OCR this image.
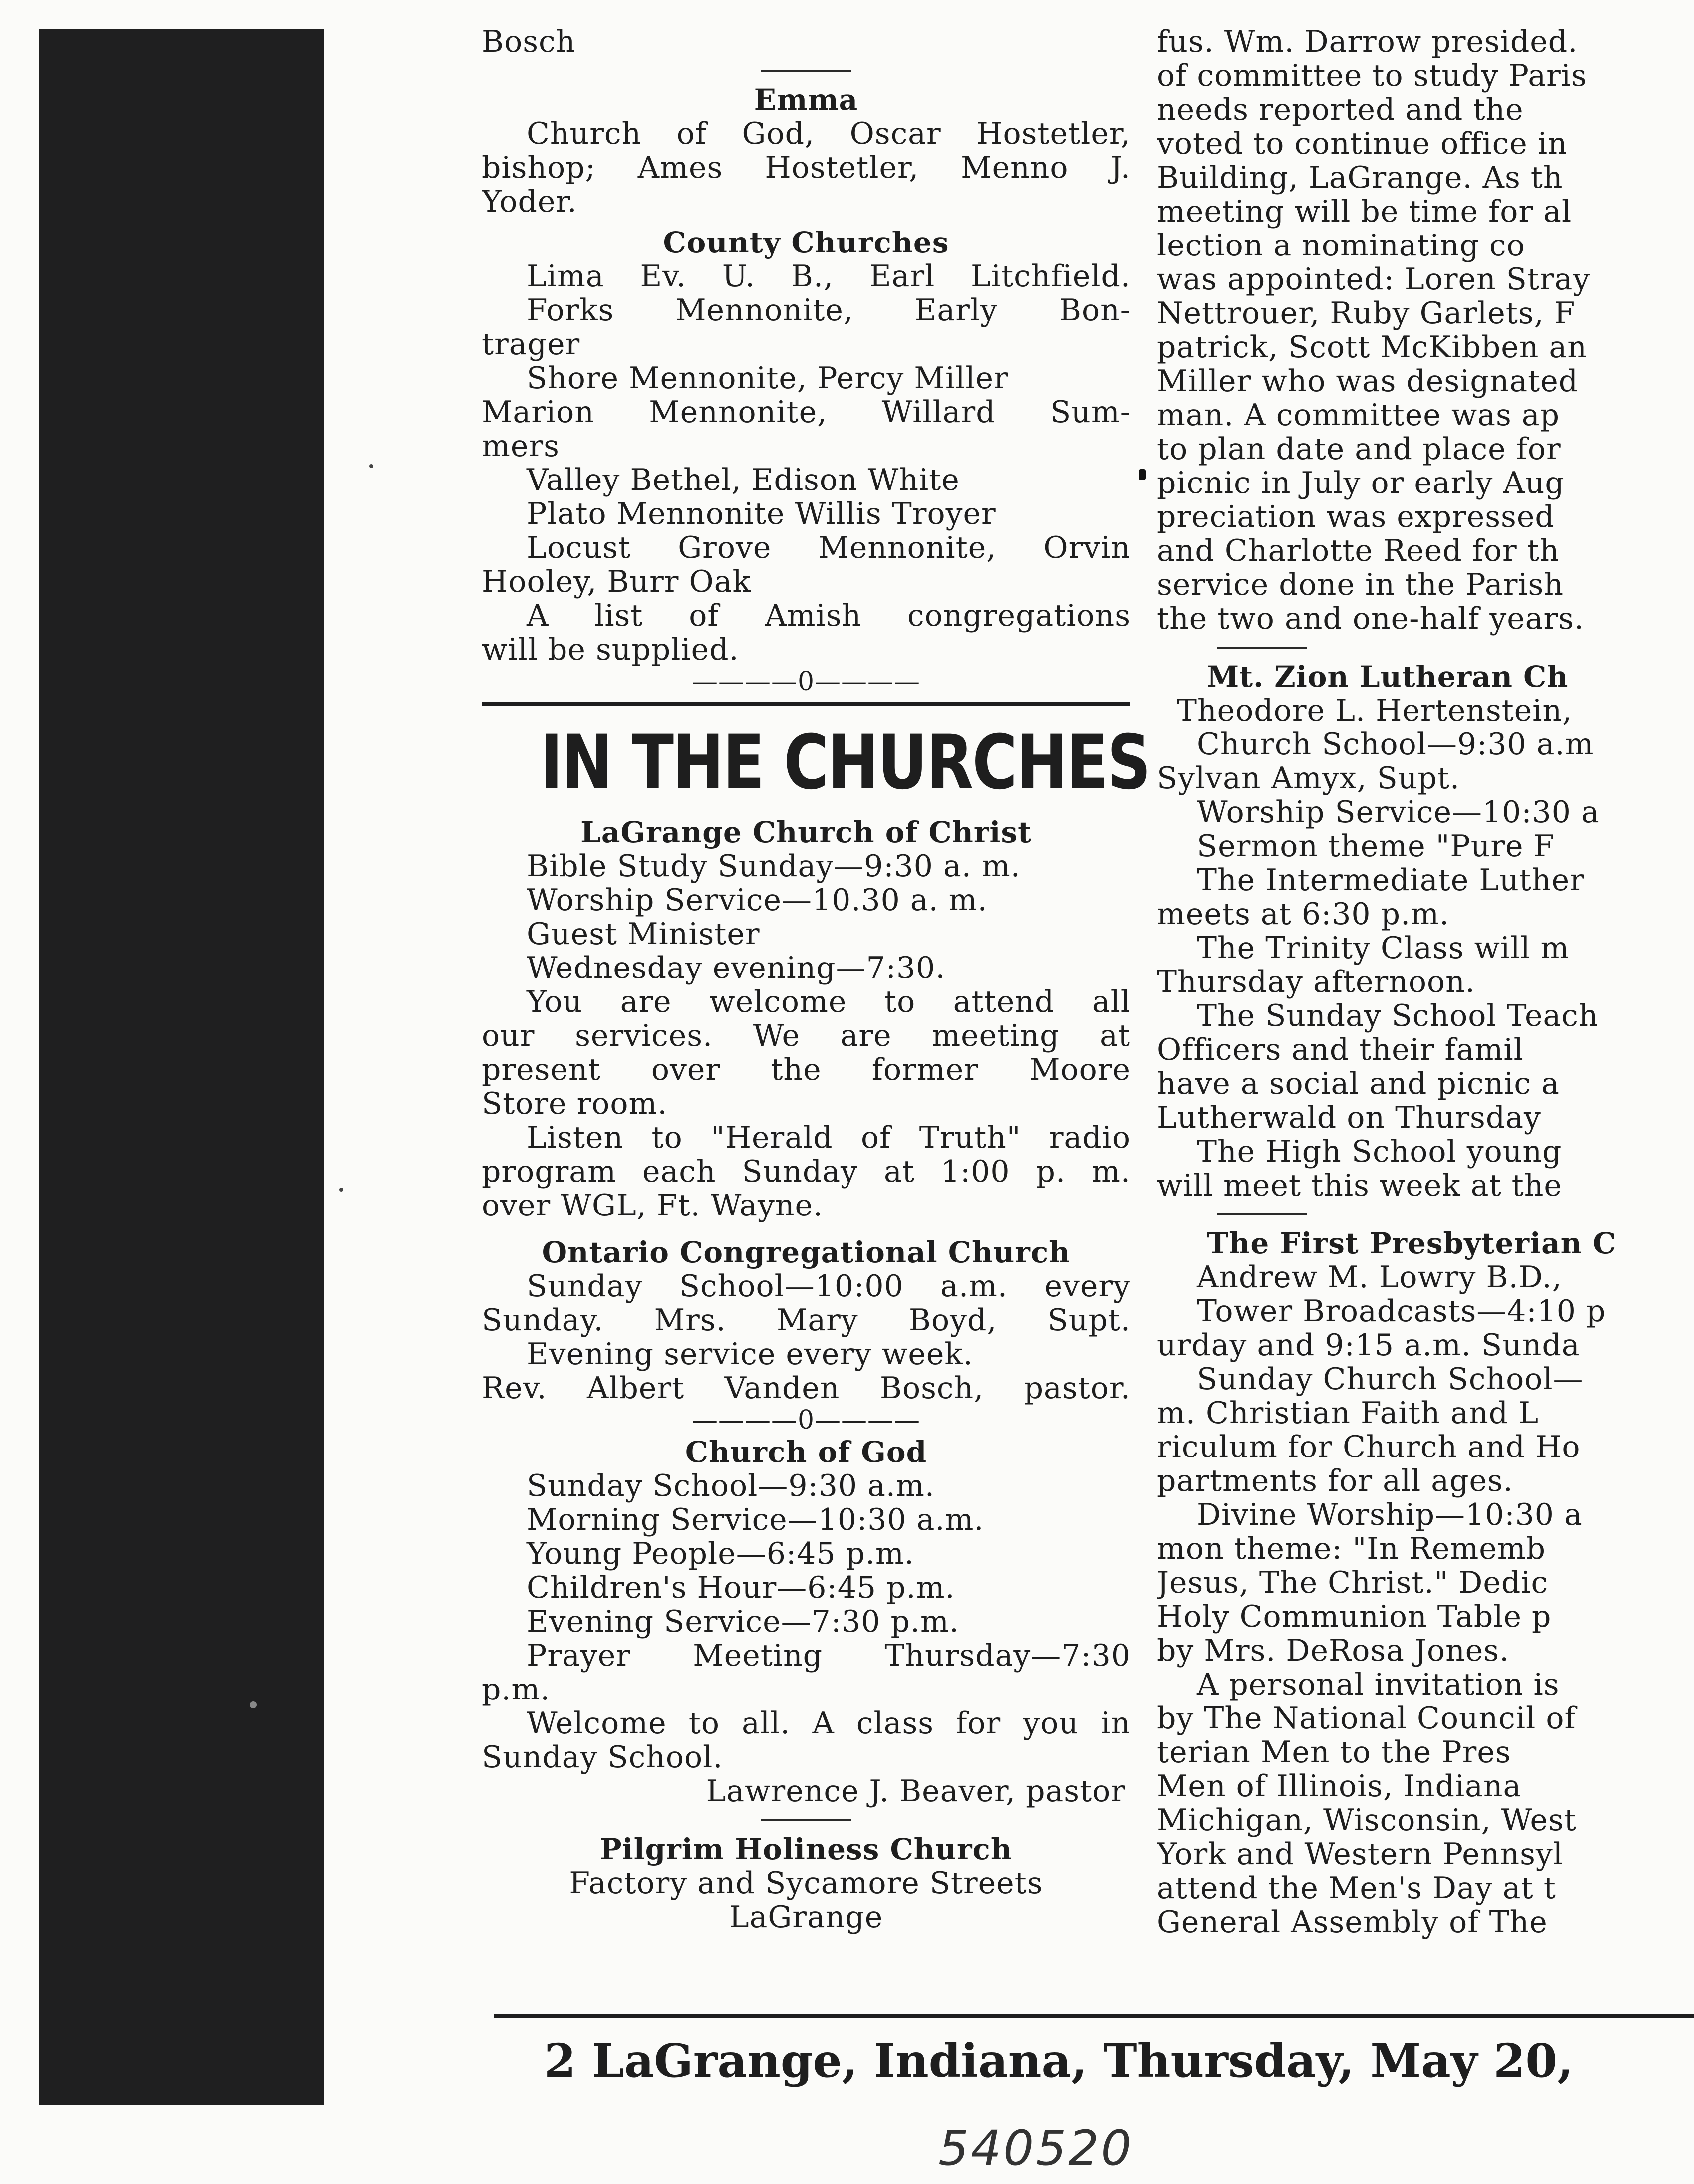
Bosch
Emma
Church of God, Oscar Hostetler,
bishop; Ames Hostetler, Menno J.
Yoder.
County Churches
Lima Ev. U. B., Earl Litchfield.
Forks Mennonite, Early Bon-
trager
Shore Mennonite, Percy Miller
Marion Mennonite, Willard Sum-
mers
Valley Bethel, Edison White
Plato Mennonite Willis Troyer
Locust Grove Mennonite, Orvin
Hooley, Burr Oak
A list of Amish congregations
will be supplied.
————0————
IN THE CHURCHES
LaGrange Church of Christ
Bible Study Sunday—9:30 a. m.
Worship Service—10.30 a. m.
Guest Minister
Wednesday evening—7:30.
You are welcome to attend all
our services. We are meeting at
present over the former Moore
Store room.
Listen to "Herald of Truth" radio
program each Sunday at 1:00 p. m.
over WGL, Ft. Wayne.
Ontario Congregational Church
Sunday School—10:00 a.m. every
Sunday. Mrs. Mary Boyd, Supt.
Evening service every week.
Rev. Albert Vanden Bosch, pastor.
————0————
Church of God
Sunday School—9:30 a.m.
Morning Service—10:30 a.m.
Young People—6:45 p.m.
Children's Hour—6:45 p.m.
Evening Service—7:30 p.m.
Prayer Meeting Thursday—7:30
p.m.
Welcome to all. A class for you in
Sunday School.
Lawrence J. Beaver, pastor
Pilgrim Holiness Church
Factory and Sycamore Streets
LaGrange
fus. Wm. Darrow presided.
of committee to study Paris
needs reported and the
voted to continue office in
Building, LaGrange. As th
meeting will be time for al
lection a nominating co
was appointed: Loren Stray
Nettrouer, Ruby Garlets, F
patrick, Scott McKibben an
Miller who was designated
man. A committee was ap
to plan date and place for
picnic in July or early Aug
preciation was expressed
and Charlotte Reed for th
service done in the Parish
the two and one-half years.
Mt. Zion Lutheran Ch
Theodore L. Hertenstein,
Church School—9:30 a.m
Sylvan Amyx, Supt.
Worship Service—10:30 a
Sermon theme "Pure F
The Intermediate Luther
meets at 6:30 p.m.
The Trinity Class will m
Thursday afternoon.
The Sunday School Teach
Officers and their famil
have a social and picnic a
Lutherwald on Thursday
The High School young
will meet this week at the
The First Presbyterian C
Andrew M. Lowry B.D.,
Tower Broadcasts—4:10 p
urday and 9:15 a.m. Sunda
Sunday Church School—
m. Christian Faith and L
riculum for Church and Ho
partments for all ages.
Divine Worship—10:30 a
mon theme: "In Rememb
Jesus, The Christ." Dedic
Holy Communion Table p
by Mrs. DeRosa Jones.
A personal invitation is
by The National Council of
terian Men to the Pres
Men of Illinois, Indiana
Michigan, Wisconsin, West
York and Western Pennsyl
attend the Men's Day at t
General Assembly of The
2 LaGrange, Indiana, Thursday, May 20,
540520
